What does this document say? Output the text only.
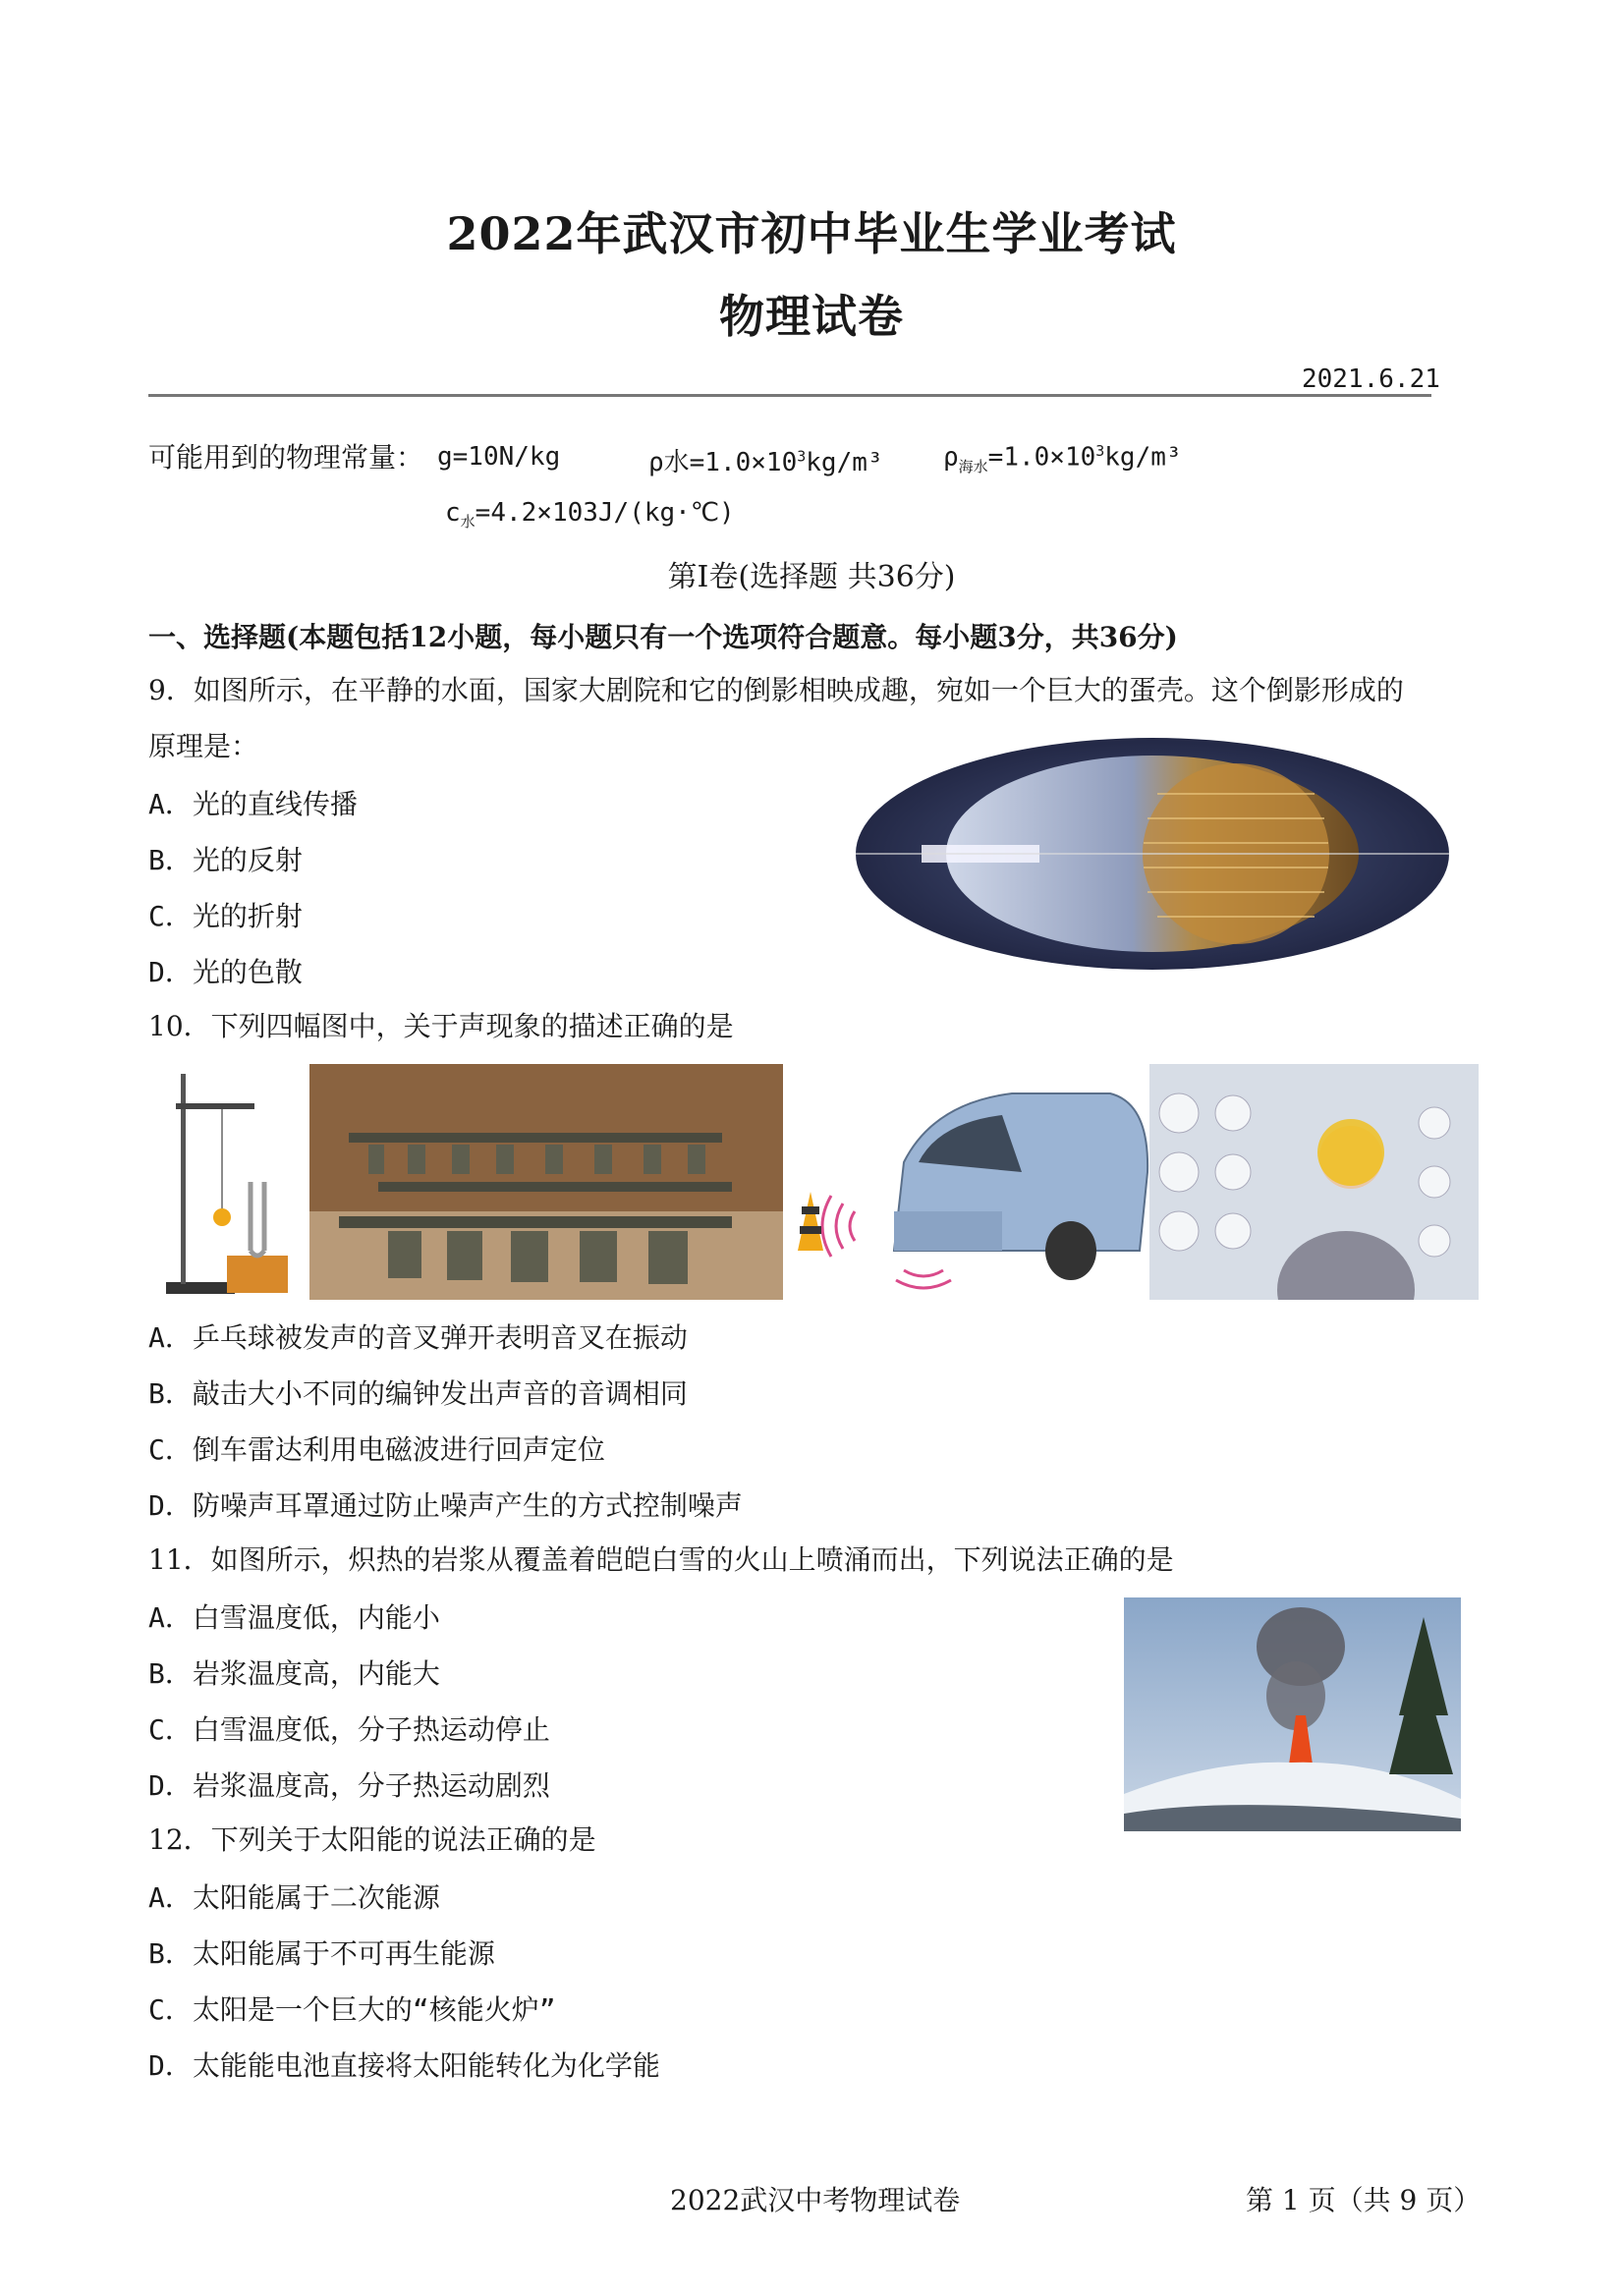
2022年武汉市初中毕业生学业考试
物理试卷
2021.6.21
可能用到的物理常量： g=10N/kg	ρ水$=1.0\times 10^3kg/m^3$ $\rho_{海水}=1.0\times 10^3kg/m^3$
$c_水=4.2\times 103J/(kg\cdot℃)$
第Ⅰ卷(选择题 共36分)
一、选择题(本题包括12小题，每小题只有一个选项符合题意。每小题3分，共36分)
9．如图所示，在平静的水面，国家大剧院和它的倒影相映成趣，宛如一个巨大的蛋壳。这个倒影形成的
原理是：
A．光的直线传播
B．光的反射
C．光的折射
D．光的色散
10．下列四幅图中，关于声现象的描述正确的是
A．乒乓球被发声的音叉弹开表明音叉在振动
B．敲击大小不同的编钟发出声音的音调相同
C．倒车雷达利用电磁波进行回声定位
D．防噪声耳罩通过防止噪声产生的方式控制噪声
11．如图所示，炽热的岩浆从覆盖着皑皑白雪的火山上喷涌而出，下列说法正确的是
A．白雪温度低，内能小
B．岩浆温度高，内能大
C．白雪温度低，分子热运动停止
D．岩浆温度高，分子热运动剧烈
12．下列关于太阳能的说法正确的是
A．太阳能属于二次能源
B．太阳能属于不可再生能源
C．太阳是一个巨大的“核能火炉”
D．太能能电池直接将太阳能转化为化学能
2022武汉中考物理试卷	第 1 页（共 9 页）
